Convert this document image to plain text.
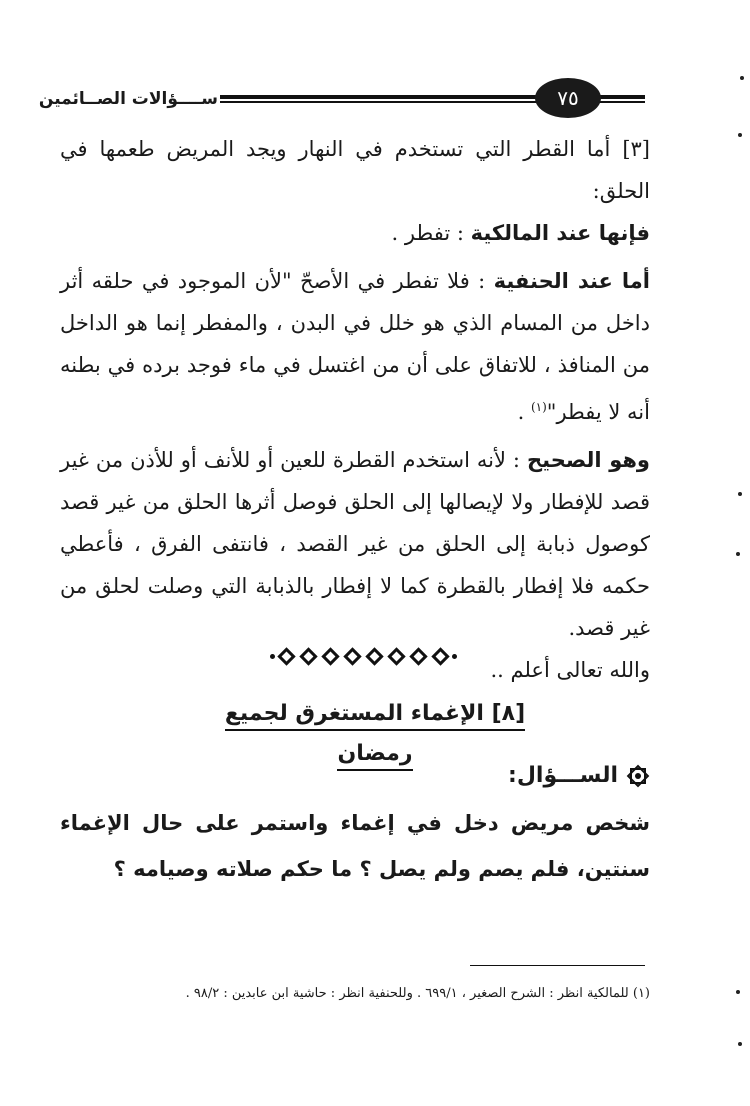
٧٥
ســــؤالات الصــائمين

[٣] أما القطر التي تستخدم في النهار ويجد المريض طعمها في الحلق:

فإنها عند المالكية : تفطر .

أما عند الحنفية : فلا تفطر في الأصحّ "لأن الموجود في حلقه أثر داخل من المسام الذي هو خلل في البدن ، والمفطر إنما هو الداخل من المنافذ ، للاتفاق على أن من اغتسل في ماء فوجد برده في بطنه أنه لا يفطر"$^{(١)}$ .

وهو الصحيح : لأنه استخدم القطرة للعين أو للأنف أو للأذن من غير قصد للإفطار ولا لإيصالها إلى الحلق فوصل أثرها الحلق من غير قصد كوصول ذبابة إلى الحلق من غير القصد ، فانتفى الفرق ، فأعطي حكمه فلا إفطار بالقطرة كما لا إفطار بالذبابة التي وصلت لحلق من غير قصد.

والله تعالى أعلم ..

[٨] الإغماء المستغرق لجميع رمضان
الســـؤال:

شخص مريض دخل في إغماء واستمر على حال الإغماء سنتين، فلم يصم ولم يصل ؟ ما حكم صلاته وصيامه ؟

(١) للمالكية انظر : الشرح الصغير ، ٦٩٩/١ . وللحنفية انظر : حاشية ابن عابدين : ٩٨/٢ .
